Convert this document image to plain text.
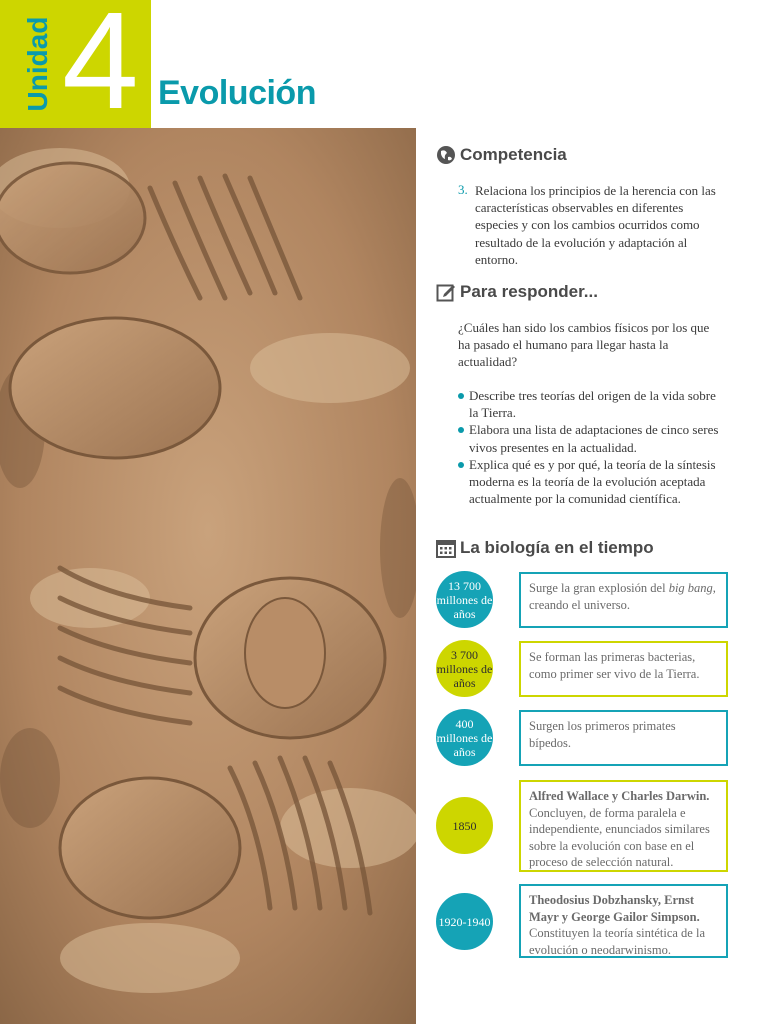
Unidad 4 Evolución
Competencia
3. Relaciona los principios de la herencia con las características observables en diferentes especies y con los cambios ocurridos como resultado de la evolución y adaptación al entorno.
Para responder...
¿Cuáles han sido los cambios físicos por los que ha pasado el humano para llegar hasta la actualidad?
Describe tres teorías del origen de la vida sobre la Tierra.
Elabora una lista de adaptaciones de cinco seres vivos presentes en la actualidad.
Explica qué es y por qué, la teoría de la síntesis moderna es la teoría de la evolución aceptada actualmente por la comunidad científica.
La biología en el tiempo
13 700 millones de años
Surge la gran explosión del big bang, creando el universo.
3 700 millones de años
Se forman las primeras bacterias, como primer ser vivo de la Tierra.
400 millones de años
Surgen los primeros primates bípedos.
1850
Alfred Wallace y Charles Darwin. Concluyen, de forma paralela e independiente, enunciados similares sobre la evolución con base en el proceso de selección natural.
1920-1940
Theodosius Dobzhansky, Ernst Mayr y George Gailor Simpson. Constituyen la teoría sintética de la evolución o neodarwinismo.
